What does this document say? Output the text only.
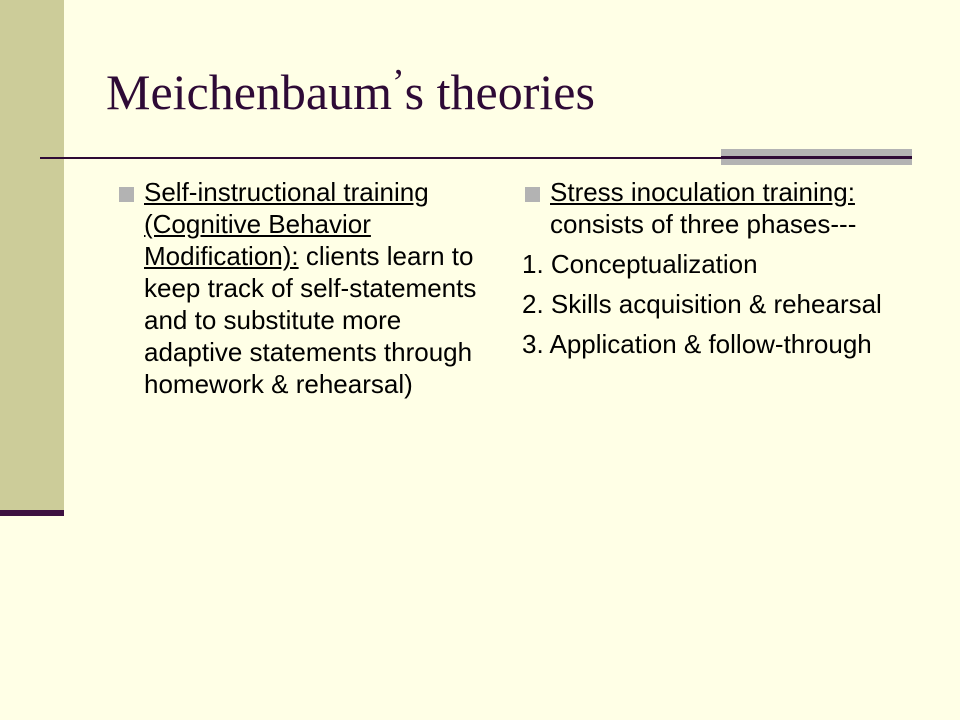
Meichenbaum’s theories
Self-instructional training (Cognitive Behavior Modification): clients learn to keep track of self-statements and to substitute more adaptive statements through homework & rehearsal)
Stress inoculation training: consists of three phases---
1. Conceptualization
2. Skills acquisition & rehearsal
3. Application & follow-through
